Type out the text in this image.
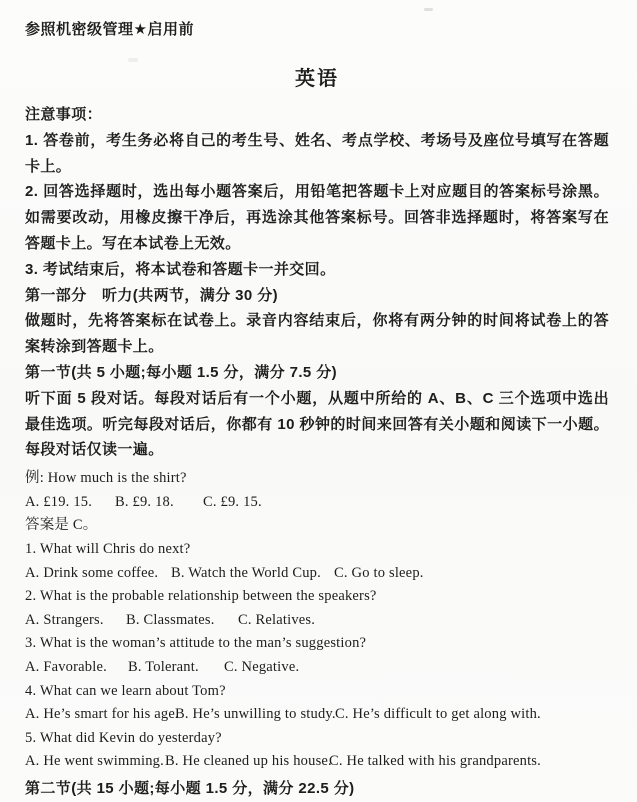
参照机密级管理★启用前
英语

注意事项：

1. 答卷前，考生务必将自己的考生号、姓名、考点学校、考场号及座位号填写在答题卡上。

2. 回答选择题时，选出每小题答案后，用铅笔把答题卡上对应题目的答案标号涂黑。如需要改动，用橡皮擦干净后，再选涂其他答案标号。回答非选择题时，将答案写在答题卡上。写在本试卷上无效。

3. 考试结束后，将本试卷和答题卡一并交回。

第一部分　听力(共两节，满分 30 分)

做题时，先将答案标在试卷上。录音内容结束后，你将有两分钟的时间将试卷上的答案转涂到答题卡上。

第一节(共 5 小题;每小题 1.5 分，满分 7.5 分)

听下面 5 段对话。每段对话后有一个小题，从题中所给的 A、B、C 三个选项中选出最佳选项。听完每段对话后，你都有 10 秒钟的时间来回答有关小题和阅读下一小题。每段对话仅读一遍。

例: How much is the shirt?

A. £19. 15.	B. £9. 18.	C. £9. 15.

答案是 C。

1. What will Chris do next?

A. Drink some coffee. B. Watch the World Cup. C. Go to sleep.

2. What is the probable relationship between the speakers?

A. Strangers.	B. Classmates.	C. Relatives.

3. What is the woman’s attitude to the man’s suggestion?

A. Favorable.	B. Tolerant.	C. Negative.

4. What can we learn about Tom?

A. He’s smart for his age.
B. He’s unwilling to study. C. He’s difficult to get along with.

5. What did Kevin do yesterday?

A. He went swimming. B. He cleaned up his house.
C. He talked with his grandparents.

第二节(共 15 小题;每小题 1.5 分，满分 22.5 分)
